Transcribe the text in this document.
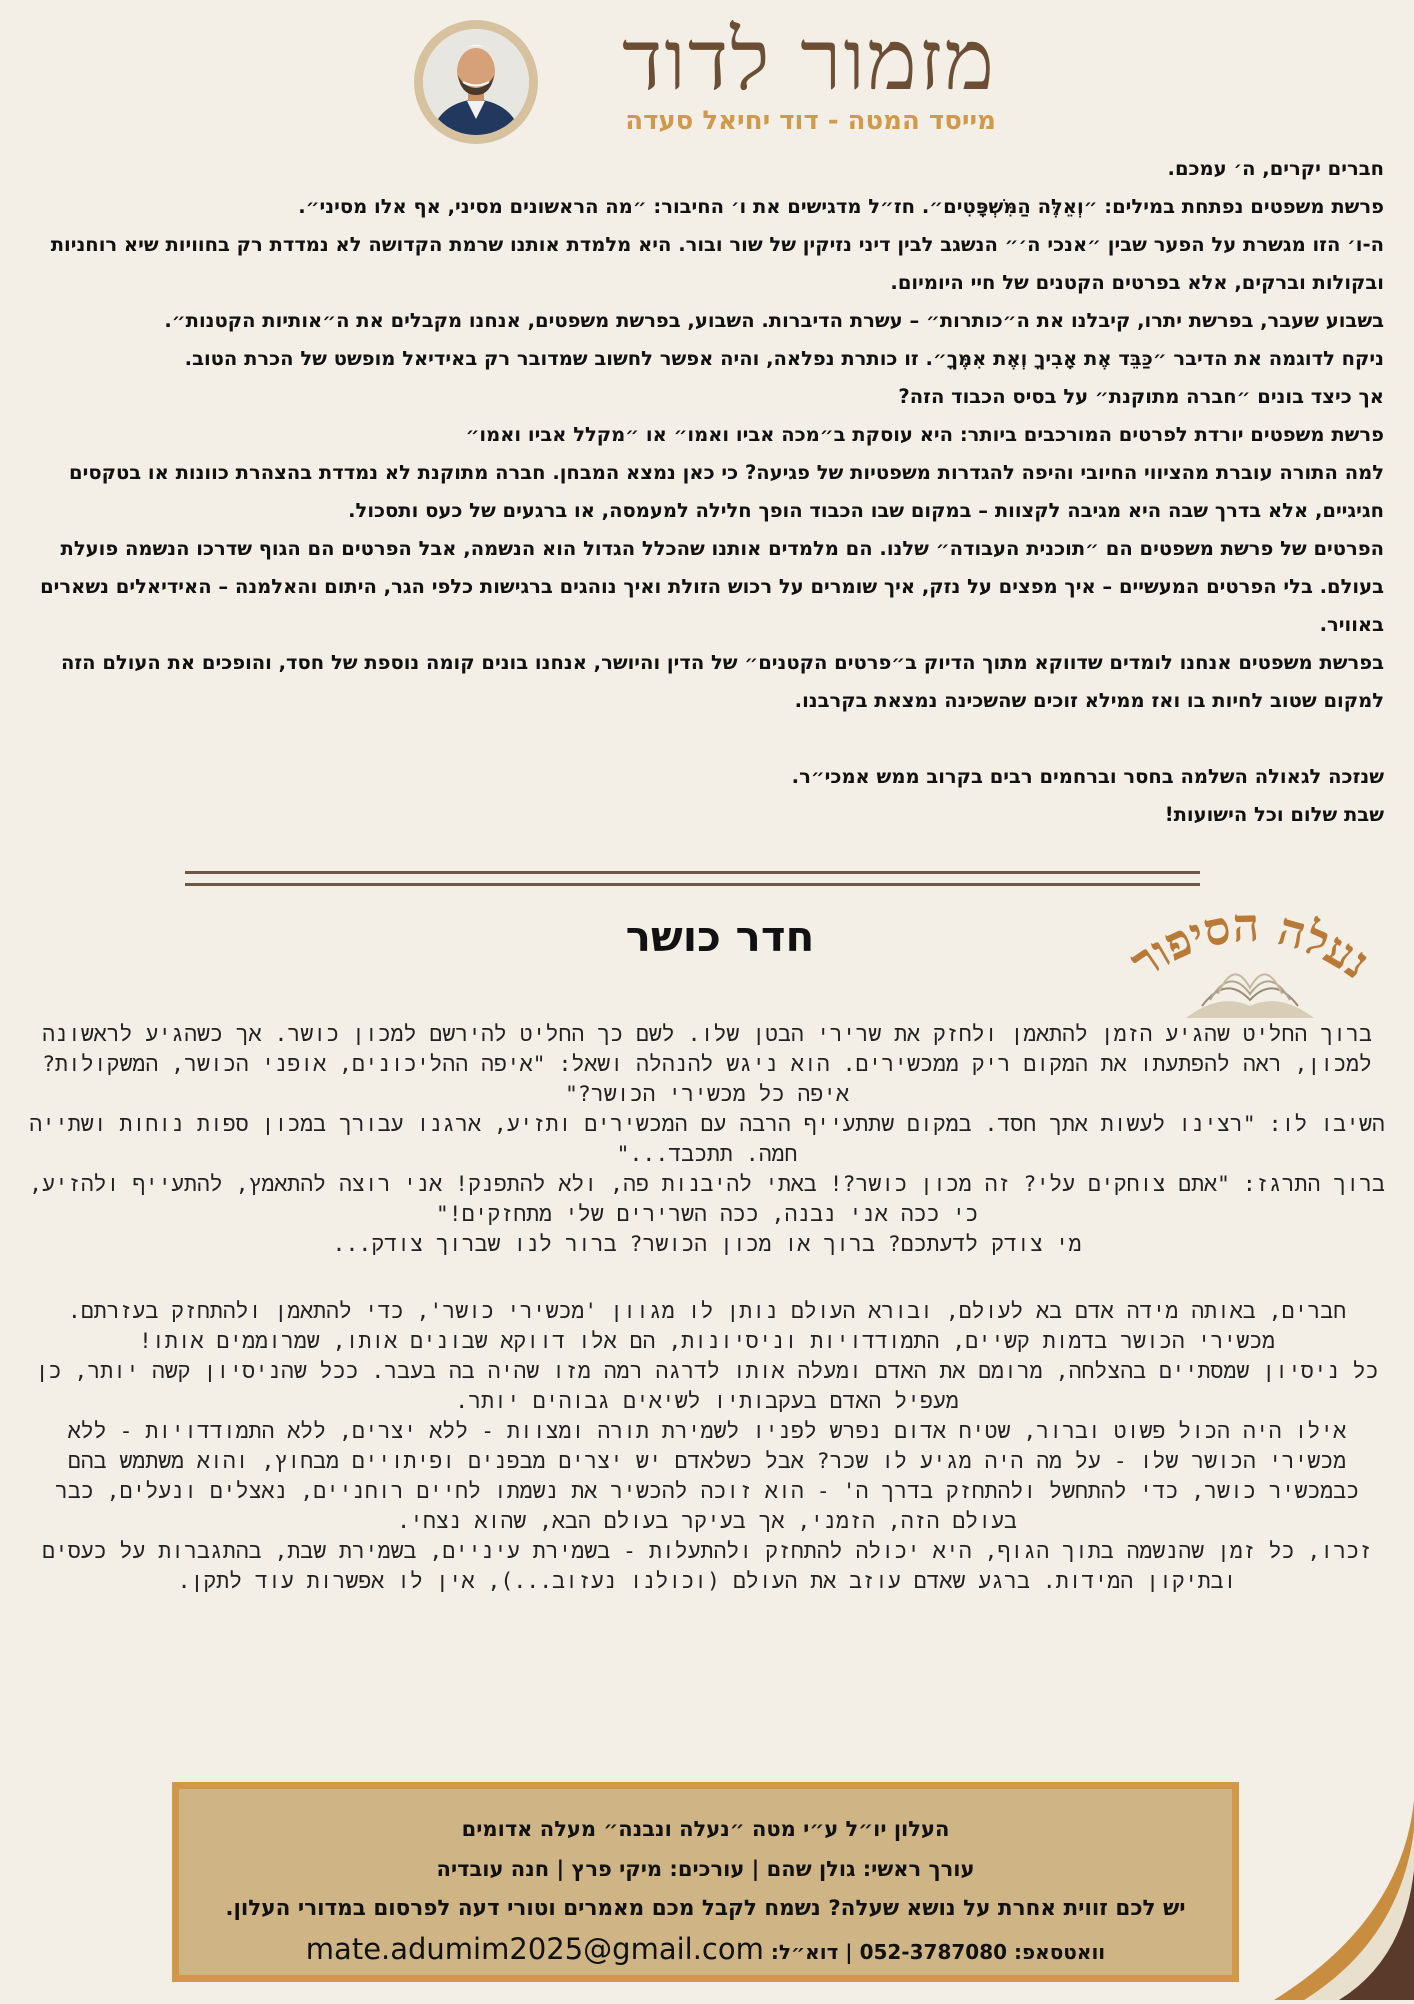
מזמור לדוד
מייסד המטה - דוד יחיאל סעדה

חברים יקרים, ה׳ עמכם.

פרשת משפטים נפתחת במילים: ״וְאֵלֶּה הַמִּשְׁפָּטִים״. חז״ל מדגישים את ו׳ החיבור: ״מה הראשונים מסיני, אף אלו מסיני״.

ה-ו׳ הזו מגשרת על הפער שבין ״אנכי ה׳״ הנשגב לבין דיני נזיקין של שור ובור. היא מלמדת אותנו שרמת הקדושה לא נמדדת רק בחוויות שיא רוחניות ובקולות וברקים, אלא בפרטים הקטנים של חיי היומיום.

בשבוע שעבר, בפרשת יתרו, קיבלנו את ה״כותרות״ – עשרת הדיברות. השבוע, בפרשת משפטים, אנחנו מקבלים את ה״אותיות הקטנות״.

ניקח לדוגמה את הדיבר ״כַּבֵּד אֶת אָבִיךָ וְאֶת אִמֶּךָ״. זו כותרת נפלאה, והיה אפשר לחשוב שמדובר רק באידיאל מופשט של הכרת הטוב.

אך כיצד בונים ״חברה מתוקנת״ על בסיס הכבוד הזה?

פרשת משפטים יורדת לפרטים המורכבים ביותר: היא עוסקת ב״מכה אביו ואמו״ או ״מקלל אביו ואמו״

למה התורה עוברת מהציווי החיובי והיפה להגדרות משפטיות של פגיעה? כי כאן נמצא המבחן. חברה מתוקנת לא נמדדת בהצהרת כוונות או בטקסים חגיגיים, אלא בדרך שבה היא מגיבה לקצוות – במקום שבו הכבוד הופך חלילה למעמסה, או ברגעים של כעס ותסכול.

הפרטים של פרשת משפטים הם ״תוכנית העבודה״ שלנו. הם מלמדים אותנו שהכלל הגדול הוא הנשמה, אבל הפרטים הם הגוף שדרכו הנשמה פועלת בעולם. בלי הפרטים המעשיים – איך מפצים על נזק, איך שומרים על רכוש הזולת ואיך נוהגים ברגישות כלפי הגר, היתום והאלמנה – האידיאלים נשארים באוויר.

בפרשת משפטים אנחנו לומדים שדווקא מתוך הדיוק ב״פרטים הקטנים״ של הדין והיושר, אנחנו בונים קומה נוספת של חסד, והופכים את העולם הזה למקום שטוב לחיות בו ואז ממילא זוכים שהשכינה נמצאת בקרבנו.

שנזכה לגאולה השלמה בחסר וברחמים רבים בקרוב ממש אמכי״ר.

שבת שלום וכל הישועות!

נעלה הסיפור
חדר כושר

ברוך החליט שהגיע הזמן להתאמן ולחזק את שרירי הבטן שלו. לשם כך החליט להירשם למכון כושר. אך כשהגיע לראשונה למכון, ראה להפתעתו את המקום ריק ממכשירים. הוא ניגש להנהלה ושאל: "איפה ההליכונים, אופני הכושר, המשקולות? איפה כל מכשירי הכושר?"

השיבו לו: "רצינו לעשות אתך חסד. במקום שתתעייף הרבה עם המכשירים ותזיע, ארגנו עבורך במכון ספות נוחות ושתייה חמה. תתכבד..."

ברוך התרגז: "אתם צוחקים עלי? זה מכון כושר?! באתי להיבנות פה, ולא להתפנק! אני רוצה להתאמץ, להתעייף ולהזיע, כי ככה אני נבנה, ככה השרירים שלי מתחזקים!"

מי צודק לדעתכם? ברוך או מכון הכושר? ברור לנו שברוך צודק...

חברים, באותה מידה אדם בא לעולם, ובורא העולם נותן לו מגוון 'מכשירי כושר', כדי להתאמן ולהתחזק בעזרתם. מכשירי הכושר בדמות קשיים, התמודדויות וניסיונות, הם אלו דווקא שבונים אותו, שמרוממים אותו!

כל ניסיון שמסתיים בהצלחה, מרומם את האדם ומעלה אותו לדרגה רמה מזו שהיה בה בעבר. ככל שהניסיון קשה יותר, כן מעפיל האדם בעקבותיו לשיאים גבוהים יותר.

אילו היה הכול פשוט וברור, שטיח אדום נפרש לפניו לשמירת תורה ומצוות - ללא יצרים, ללא התמודדויות - ללא מכשירי הכושר שלו - על מה היה מגיע לו שכר? אבל כשלאדם יש יצרים מבפנים ופיתויים מבחוץ, והוא משתמש בהם כבמכשיר כושר, כדי להתחשל ולהתחזק בדרך ה' - הוא זוכה להכשיר את נשמתו לחיים רוחניים, נאצלים ונעלים, כבר בעולם הזה, הזמני, אך בעיקר בעולם הבא, שהוא נצחי.

זכרו, כל זמן שהנשמה בתוך הגוף, היא יכולה להתחזק ולהתעלות - בשמירת עיניים, בשמירת שבת, בהתגברות על כעסים ובתיקון המידות. ברגע שאדם עוזב את העולם (וכולנו נעזוב...), אין לו אפשרות עוד לתקן.

העלון יו״ל ע״י מטה ״נעלה ונבנה״ מעלה אדומים
עורך ראשי: גולן שהם | עורכים: מיקי פרץ | חנה עובדיה
יש לכם זווית אחרת על נושא שעלה? נשמח לקבל מכם מאמרים וטורי דעה לפרסום במדורי העלון.
וואטסאפ: 052-3787080 | דוא״ל: mate.adumim2025@gmail.com
